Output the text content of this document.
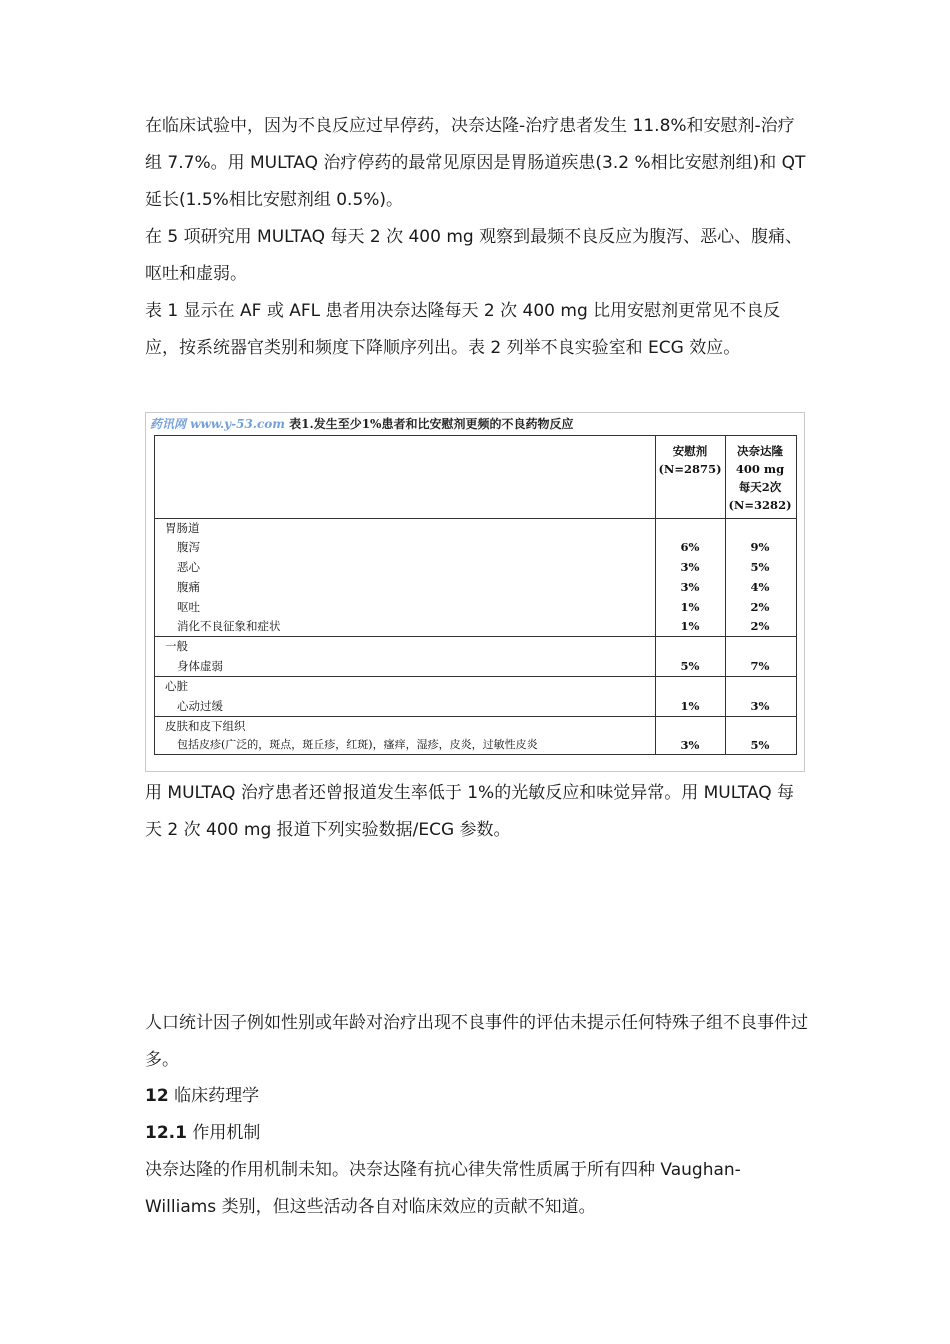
在临床试验中，因为不良反应过早停药，决奈达隆-治疗患者发生 11.8%和安慰剂-治疗组 7.7%。用 MULTAQ 治疗停药的最常见原因是胃肠道疾患(3.2 %相比安慰剂组)和 QT 延长(1.5%相比安慰剂组 0.5%)。

在 5 项研究用 MULTAQ 每天 2 次 400 mg 观察到最频不良反应为腹泻、恶心、腹痛、呕吐和虚弱。

表 1 显示在 AF 或 AFL 患者用决奈达隆每天 2 次 400 mg 比用安慰剂更常见不良反应，按系统器官类别和频度下降顺序列出。表 2 列举不良实验室和 ECG 效应。

药讯网 www.y-53.com 表1.发生至少1%患者和比安慰剂更频的不良药物反应
安慰剂
(N=2875)
决奈达隆
400 mg
每天2次
(N=3282)
胃肠道
腹泻	6%	9%
恶心	3%	5%
腹痛	3%	4%
呕吐	1%	2%
消化不良征象和症状	1%	2%
一般
身体虚弱	5%	7%
心脏
心动过缓	1%	3%
皮肤和皮下组织
包括皮疹(广泛的，斑点，斑丘疹，红斑)，瘙痒，湿疹，皮炎，过敏性皮炎	3%	5%

用 MULTAQ 治疗患者还曾报道发生率低于 1%的光敏反应和味觉异常。用 MULTAQ 每天 2 次 400 mg 报道下列实验数据/ECG 参数。

人口统计因子例如性别或年龄对治疗出现不良事件的评估未提示任何特殊子组不良事件过多。

12 临床药理学
12.1 作用机制

决奈达隆的作用机制未知。决奈达隆有抗心律失常性质属于所有四种 Vaughan-Williams 类别，但这些活动各自对临床效应的贡献不知道。
